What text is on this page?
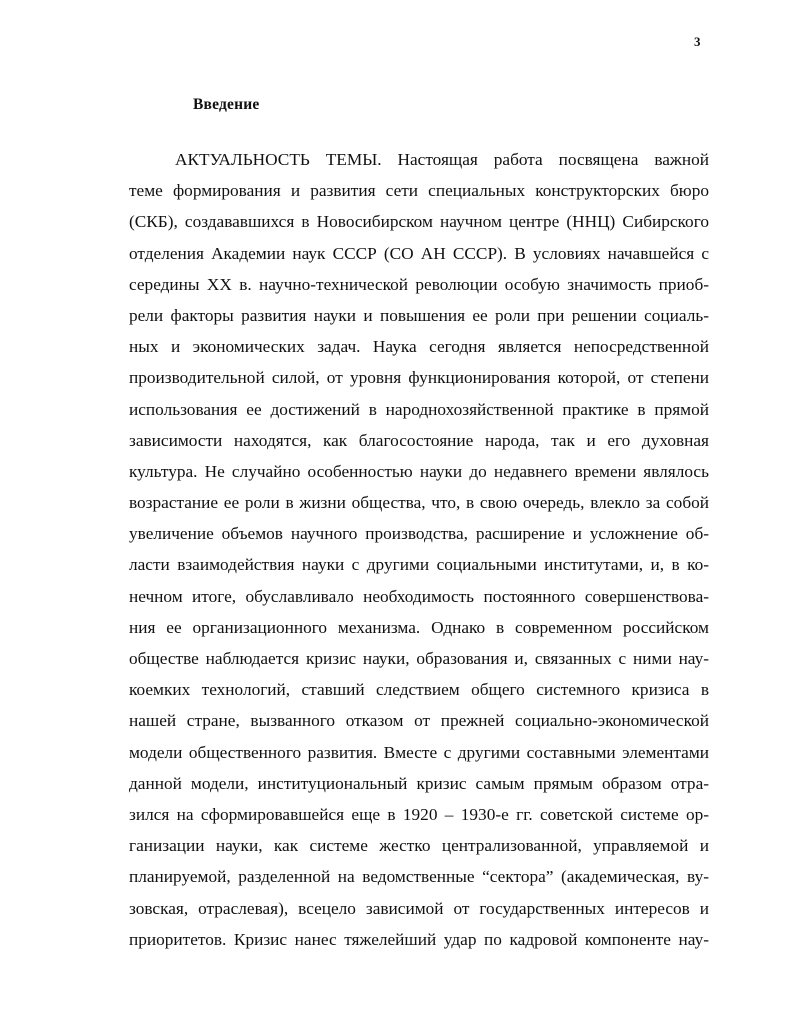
3
Введение
АКТУАЛЬНОСТЬ ТЕМЫ. Настоящая работа посвящена важной
теме формирования и развития сети специальных конструкторских бюро
(СКБ), создававшихся в Новосибирском научном центре (ННЦ) Сибирского
отделения Академии наук СССР (СО АН СССР). В условиях начавшейся с
середины XX в. научно-технической революции особую значимость приоб-
рели факторы развития науки и повышения ее роли при решении социаль-
ных и экономических задач. Наука сегодня является непосредственной
производительной силой, от уровня функционирования которой, от степени
использования ее достижений в народнохозяйственной практике в прямой
зависимости находятся, как благосостояние народа, так и его духовная
культура. Не случайно особенностью науки до недавнего времени являлось
возрастание ее роли в жизни общества, что, в свою очередь, влекло за собой
увеличение объемов научного производства, расширение и усложнение об-
ласти взаимодействия науки с другими социальными институтами, и, в ко-
нечном итоге, обуславливало необходимость постоянного совершенствова-
ния ее организационного механизма. Однако в современном российском
обществе наблюдается кризис науки, образования и, связанных с ними нау-
коемких технологий, ставший следствием общего системного кризиса в
нашей стране, вызванного отказом от прежней социально-экономической
модели общественного развития. Вместе с другими составными элементами
данной модели, институциональный кризис самым прямым образом отра-
зился на сформировавшейся еще в 1920 – 1930-е гг. советской системе ор-
ганизации науки, как системе жестко централизованной, управляемой и
планируемой, разделенной на ведомственные “сектора” (академическая, ву-
зовская, отраслевая), всецело зависимой от государственных интересов и
приоритетов. Кризис нанес тяжелейший удар по кадровой компоненте нау-
